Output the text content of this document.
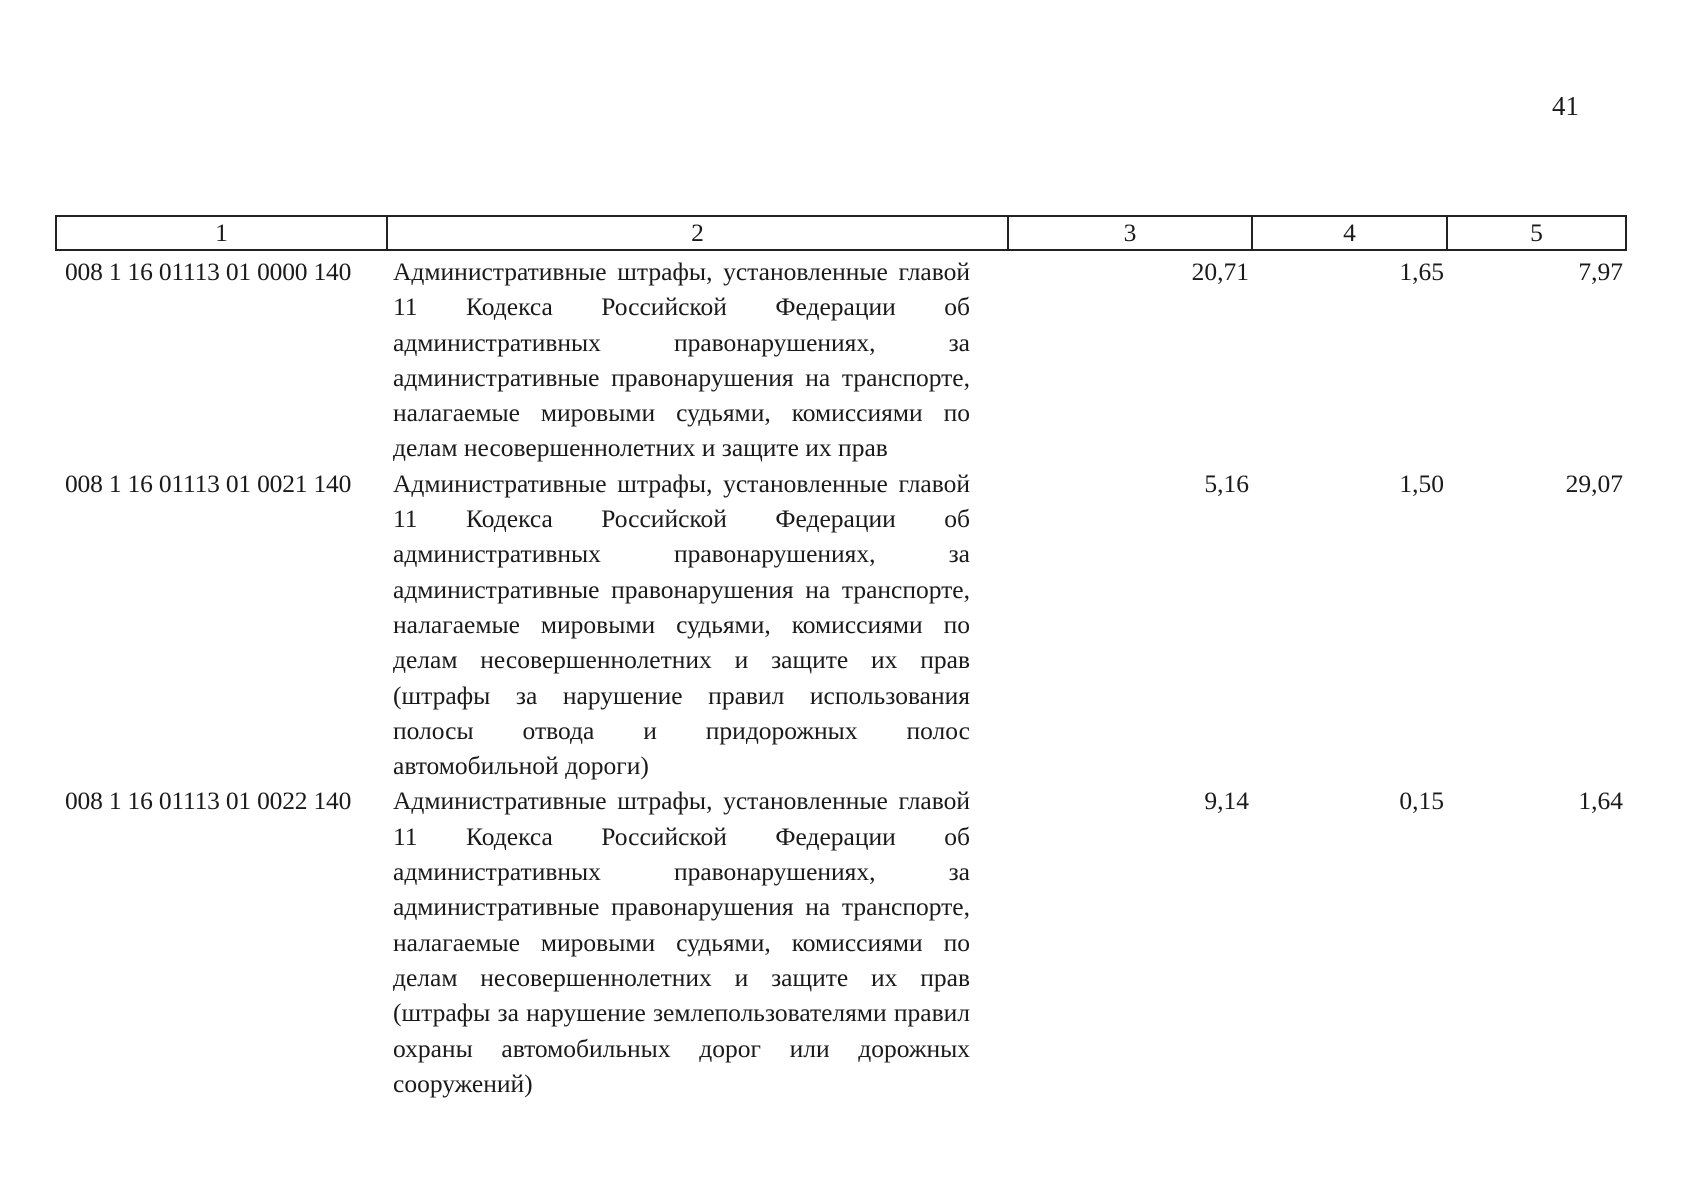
41
1	2	3	4	5
008 1 16 01113 01 0000 140	Административные штрафы, установленные главой 11 Кодекса Российской Федерации об административных правонарушениях, за административные правонарушения на транспорте, налагаемые мировыми судьями, комиссиями по делам несовершеннолетних и защите их прав	20,71	1,65	7,97
008 1 16 01113 01 0021 140	Административные штрафы, установленные главой 11 Кодекса Российской Федерации об административных правонарушениях, за административные правонарушения на транспорте, налагаемые мировыми судьями, комиссиями по делам несовершеннолетних и защите их прав (штрафы за нарушение правил использования полосы отвода и придорожных полос автомобильной дороги)	5,16	1,50	29,07
008 1 16 01113 01 0022 140	Административные штрафы, установленные главой 11 Кодекса Российской Федерации об административных правонарушениях, за административные правонарушения на транспорте, налагаемые мировыми судьями, комиссиями по делам несовершеннолетних и защите их прав (штрафы за нарушение землепользователями правил охраны автомобильных дорог или дорожных сооружений)	9,14	0,15	1,64
